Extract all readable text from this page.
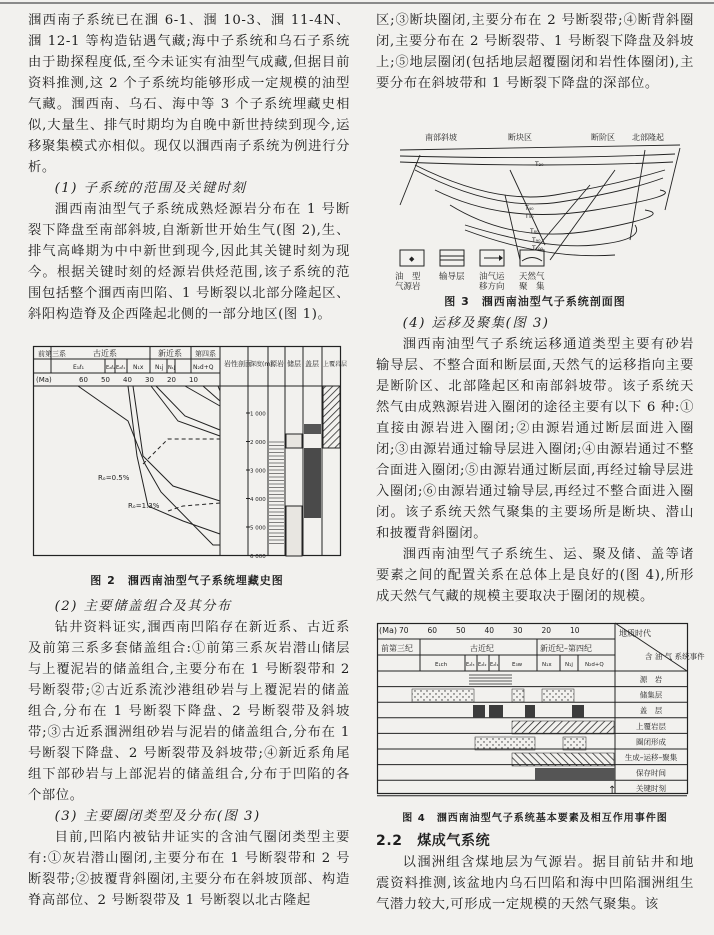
涠西南子系统已在涠 6-1、涠 10-3、涠 11-4N、涠 12-1 等构造钻遇气藏;海中子系统和乌石子系统由于勘探程度低,至今未证实有油型气成藏,但据目前资料推测,这 2 个子系统均能够形成一定规模的油型气藏。涠西南、乌石、海中等 3 个子系统埋藏史相似,大量生、排气时期均为自晚中新世持续到现今,运移聚集模式亦相似。现仅以涠西南子系统为例进行分析。

(1) 子系统的范围及关键时刻

涠西南油型气子系统成熟烃源岩分布在 1 号断裂下降盘至南部斜坡,自渐新世开始生气(图 2),生、排气高峰期为中中新世到现今,因此其关键时刻为现今。根据关键时刻的烃源岩供烃范围,该子系统的范围包括整个涠西南凹陷、1 号断裂以北部分隆起区、斜阳构造脊及企西隆起北侧的一部分地区(图 1)。

前第三系	古近系	新近系 第四系
E₁ℓ₁	E₂ℓ₂ E₂ℓ₁ N₁x N₁j N₁j	N₂d+Q
(Ma)	60 50 40 30 20 10
岩性剖面
深度(m)
源岩 储层 盖层 上覆岩层
1 000
2 000
3 000
4 000
5 000
6 000
Rₒ=0.5%
Rₒ=1.3%
图 2　涠西南油型气子系统埋藏史图
(2) 主要储盖组合及其分布

钻井资料证实,涠西南凹陷存在新近系、古近系及前第三系多套储盖组合:①前第三系灰岩潜山储层与上覆泥岩的储盖组合,主要分布在 1 号断裂带和 2 号断裂带;②古近系流沙港组砂岩与上覆泥岩的储盖组合,分布在 1 号断裂下降盘、2 号断裂带及斜坡带;③古近系涠洲组砂岩与泥岩的储盖组合,分布在 1 号断裂下降盘、2 号断裂带及斜坡带;④新近系角尾组下部砂岩与上部泥岩的储盖组合,分布于凹陷的各个部位。

(3) 主要圈闭类型及分布(图 3)

目前,凹陷内被钻井证实的含油气圈闭类型主要有:①灰岩潜山圈闭,主要分布在 1 号断裂带和 2 号断裂带;②披覆背斜圈闭,主要分布在斜坡顶部、构造脊高部位、2 号断裂带及 1 号断裂以北古隆起

区;③断块圈闭,主要分布在 2 号断裂带;④断背斜圈闭,主要分布在 2 号断裂带、1 号断裂下降盘及斜坡上;⑤地层圈闭(包括地层超覆圈闭和岩性体圈闭),主要分布在斜坡带和 1 号断裂下降盘的深部位。

南部斜坡	断块区	断阶区 北部隆起
T₂₀
T₄₀
T₅₀
T₈₀
T₉₀
T₁₀₀
◆
油　型
气源岩
输导层	油气运
移方向
天然气
聚　集
图 3　涠西南油型气子系统剖面图
(4) 运移及聚集(图 3)

涠西南油型气子系统运移通道类型主要有砂岩输导层、不整合面和断层面,天然气的运移指向主要是断阶区、北部隆起区和南部斜坡带。该子系统天然气由成熟源岩进入圈闭的途径主要有以下 6 种:①直接由源岩进入圈闭;②由源岩通过断层面进入圈闭;③由源岩通过输导层进入圈闭;④由源岩通过不整合面进入圈闭;⑤由源岩通过断层面,再经过输导层进入圈闭;⑥由源岩通过输导层,再经过不整合面进入圈闭。该子系统天然气聚集的主要场所是断块、潜山和披覆背斜圈闭。

涠西南油型气子系统生、运、聚及储、盖等诸要素之间的配置关系在总体上是良好的(图 4),所形成天然气气藏的规模主要取决于圈闭的规模。

地质时代
含 油 气 系统事件
(Ma) 70	60	50	40	30	20	10
前第三纪	古近纪	新近纪–第四纪
E₁ch	E₂l₃ E₂l₂ E₂l₁ E₃w	N₁x N₁j N₂d+Q
源　岩
储集层
盖　层
上覆岩层
圈闭形成
生成–运移–聚集
保存时间
关键时刻
↑
图 4　涠西南油型气子系统基本要素及相互作用事件图
2.2　煤成气系统

以涠洲组含煤地层为气源岩。据目前钻井和地震资料推测,该盆地内乌石凹陷和海中凹陷涠洲组生气潜力较大,可形成一定规模的天然气聚集。该
